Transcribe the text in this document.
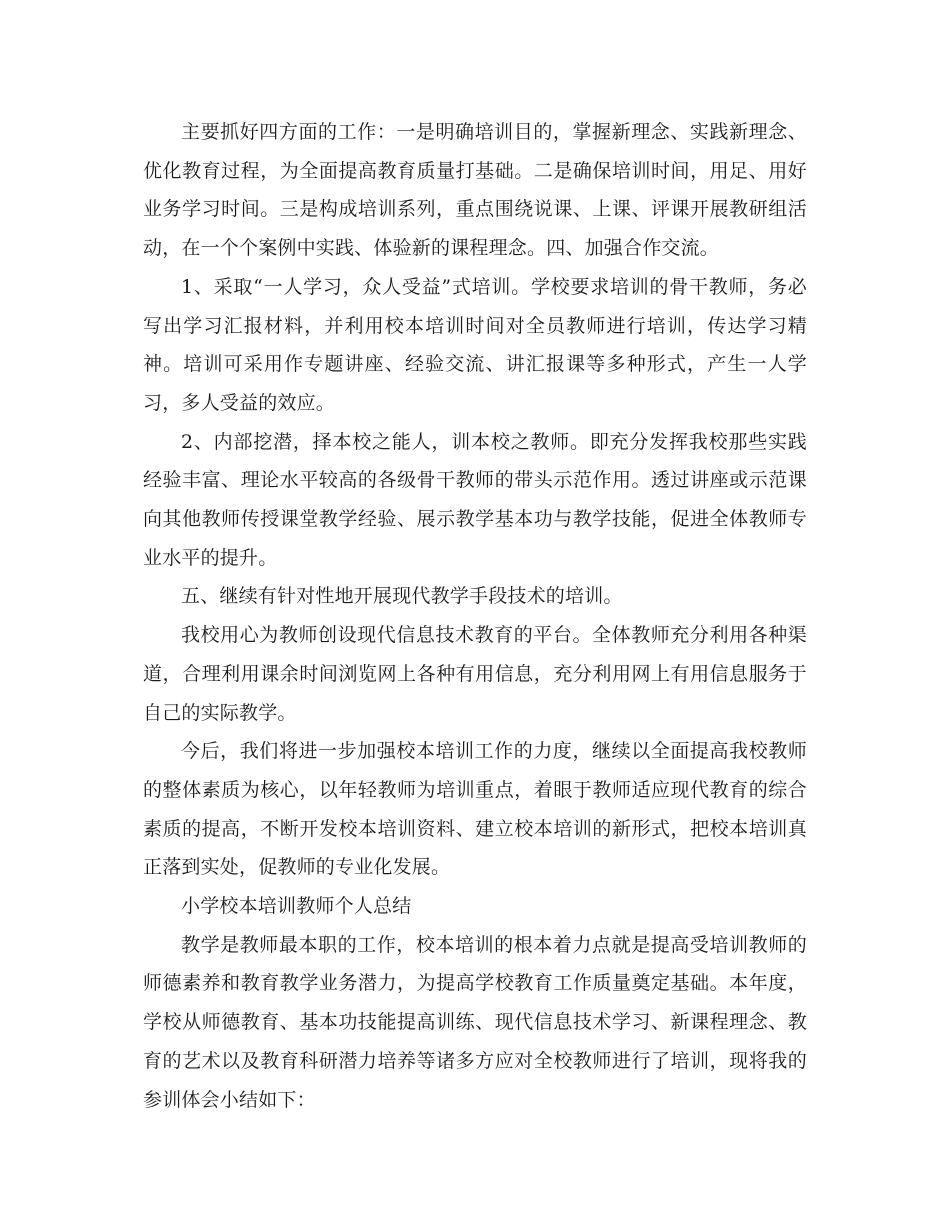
主要抓好四方面的工作：一是明确培训目的，掌握新理念、实践新理念、优化教育过程，为全面提高教育质量打基础。二是确保培训时间，用足、用好业务学习时间。三是构成培训系列，重点围绕说课、上课、评课开展教研组活动，在一个个案例中实践、体验新的课程理念。四、加强合作交流。

1、采取“一人学习，众人受益”式培训。学校要求培训的骨干教师，务必写出学习汇报材料，并利用校本培训时间对全员教师进行培训，传达学习精神。培训可采用作专题讲座、经验交流、讲汇报课等多种形式，产生一人学习，多人受益的效应。

2、内部挖潜，择本校之能人，训本校之教师。即充分发挥我校那些实践经验丰富、理论水平较高的各级骨干教师的带头示范作用。透过讲座或示范课向其他教师传授课堂教学经验、展示教学基本功与教学技能，促进全体教师专业水平的提升。

五、继续有针对性地开展现代教学手段技术的培训。

我校用心为教师创设现代信息技术教育的平台。全体教师充分利用各种渠道，合理利用课余时间浏览网上各种有用信息，充分利用网上有用信息服务于自己的实际教学。

今后，我们将进一步加强校本培训工作的力度，继续以全面提高我校教师的整体素质为核心，以年轻教师为培训重点，着眼于教师适应现代教育的综合素质的提高，不断开发校本培训资料、建立校本培训的新形式，把校本培训真正落到实处，促教师的专业化发展。

小学校本培训教师个人总结

教学是教师最本职的工作，校本培训的根本着力点就是提高受培训教师的师德素养和教育教学业务潜力，为提高学校教育工作质量奠定基础。本年度，学校从师德教育、基本功技能提高训练、现代信息技术学习、新课程理念、教育的艺术以及教育科研潜力培养等诸多方应对全校教师进行了培训，现将我的参训体会小结如下：
